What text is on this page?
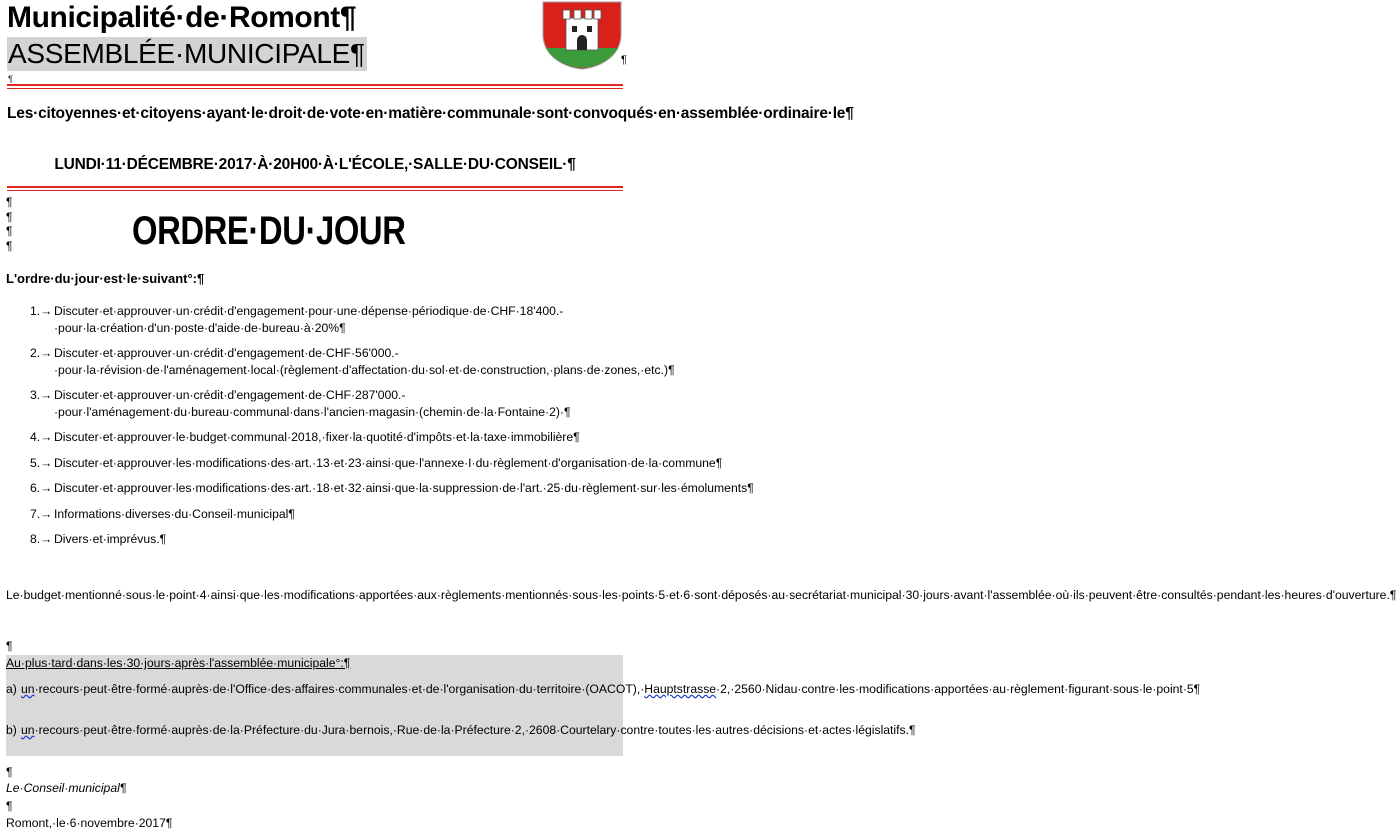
Municipalité·de·Romont¶
ASSEMBLÉE·MUNICIPALE¶	¶
¶
Les·citoyennes·et·citoyens·ayant·le·droit·de·vote·en·matière·communale·sont·convoqués·en·assemblée·ordinaire·le¶
LUNDI·11·DÉCEMBRE·2017·À·20H00·À·L'ÉCOLE,·SALLE·DU·CONSEIL·¶
¶
¶
¶
¶	ORDRE·DU·JOUR
L'ordre·du·jour·est·le·suivant°:¶
1.→ Discuter·et·approuver·un·crédit·d'engagement·pour·une·dépense·périodique·de·CHF·18'400.-·pour·la·création·d'un·poste·d'aide·de·bureau·à·20%¶
2.→ Discuter·et·approuver·un·crédit·d'engagement·de·CHF·56'000.-·pour·la·révision·de·l'aménagement·local·(règlement·d'affectation·du·sol·et·de·construction,·plans·de·zones,·etc.)¶
3.→ Discuter·et·approuver·un·crédit·d'engagement·de·CHF·287'000.-·pour·l'aménagement·du·bureau·communal·dans·l'ancien·magasin·(chemin·de·la·Fontaine·2)·¶
4.→ Discuter·et·approuver·le·budget·communal·2018,·fixer·la·quotité·d'impôts·et·la·taxe·immobilière¶
5.→ Discuter·et·approuver·les·modifications·des·art.·13·et·23·ainsi·que·l'annexe·I·du·règlement·d'organisation·de·la·commune¶
6.→ Discuter·et·approuver·les·modifications·des·art.·18·et·32·ainsi·que·la·suppression·de·l'art.·25·du·règlement·sur·les·émoluments¶
7.→ Informations·diverses·du·Conseil·municipal¶
8.→ Divers·et·imprévus.¶
Le·budget·mentionné·sous·le·point·4·ainsi·que·les·modifications·apportées·aux·règlements·mentionnés·sous·les·points·5·et·6·sont·déposés·au·secrétariat·municipal·30·jours·avant·l'assemblée·où·ils·peuvent·être·consultés·pendant·les·heures·d'ouverture.¶
¶
Au·plus·tard·dans·les·30·jours·après·l'assemblée·municipale°:¶
a) un·recours·peut·être·formé·auprès·de·l'Office·des·affaires·communales·et·de·l'organisation·du·territoire·(OACOT),·Hauptstrasse·2,·2560·Nidau·contre·les·modifications·apportées·au·règlement·figurant·sous·le·point·5¶
b) un·recours·peut·être·formé·auprès·de·la·Préfecture·du·Jura·bernois,·Rue·de·la·Préfecture·2,·2608·Courtelary·contre·toutes·les·autres·décisions·et·actes·législatifs.¶
¶
Le·Conseil·municipal¶
¶
Romont,·le·6·novembre·2017¶
